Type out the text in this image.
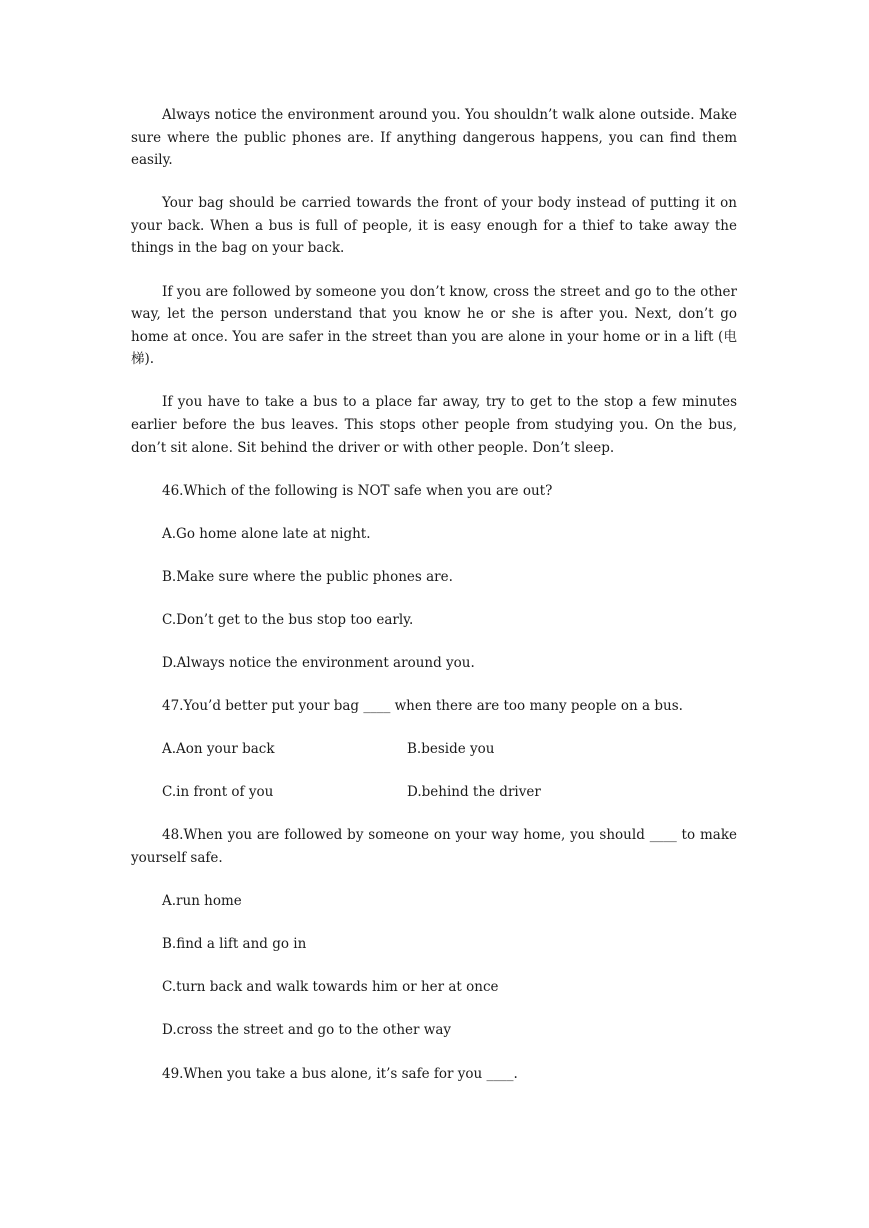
Always notice the environment around you. You shouldn’t walk alone outside. Make sure where the public phones are. If anything dangerous happens, you can find them easily.

Your bag should be carried towards the front of your body instead of putting it on your back. When a bus is full of people, it is easy enough for a thief to take away the things in the bag on your back.

If you are followed by someone you don’t know, cross the street and go to the other way, let the person understand that you know he or she is after you. Next, don’t go home at once. You are safer in the street than you are alone in your home or in a lift (电梯).

If you have to take a bus to a place far away, try to get to the stop a few minutes earlier before the bus leaves. This stops other people from studying you. On the bus, don’t sit alone. Sit behind the driver or with other people. Don’t sleep.

46.Which of the following is NOT safe when you are out?

A.Go home alone late at night.

B.Make sure where the public phones are.

C.Don’t get to the bus stop too early.

D.Always notice the environment around you.

47.You’d better put your bag ____ when there are too many people on a bus.

A.Aon your back	B.beside you
C.in front of you	D.behind the driver

48.When you are followed by someone on your way home, you should ____ to make yourself safe.

A.run home

B.find a lift and go in

C.turn back and walk towards him or her at once

D.cross the street and go to the other way

49.When you take a bus alone, it’s safe for you ____.
